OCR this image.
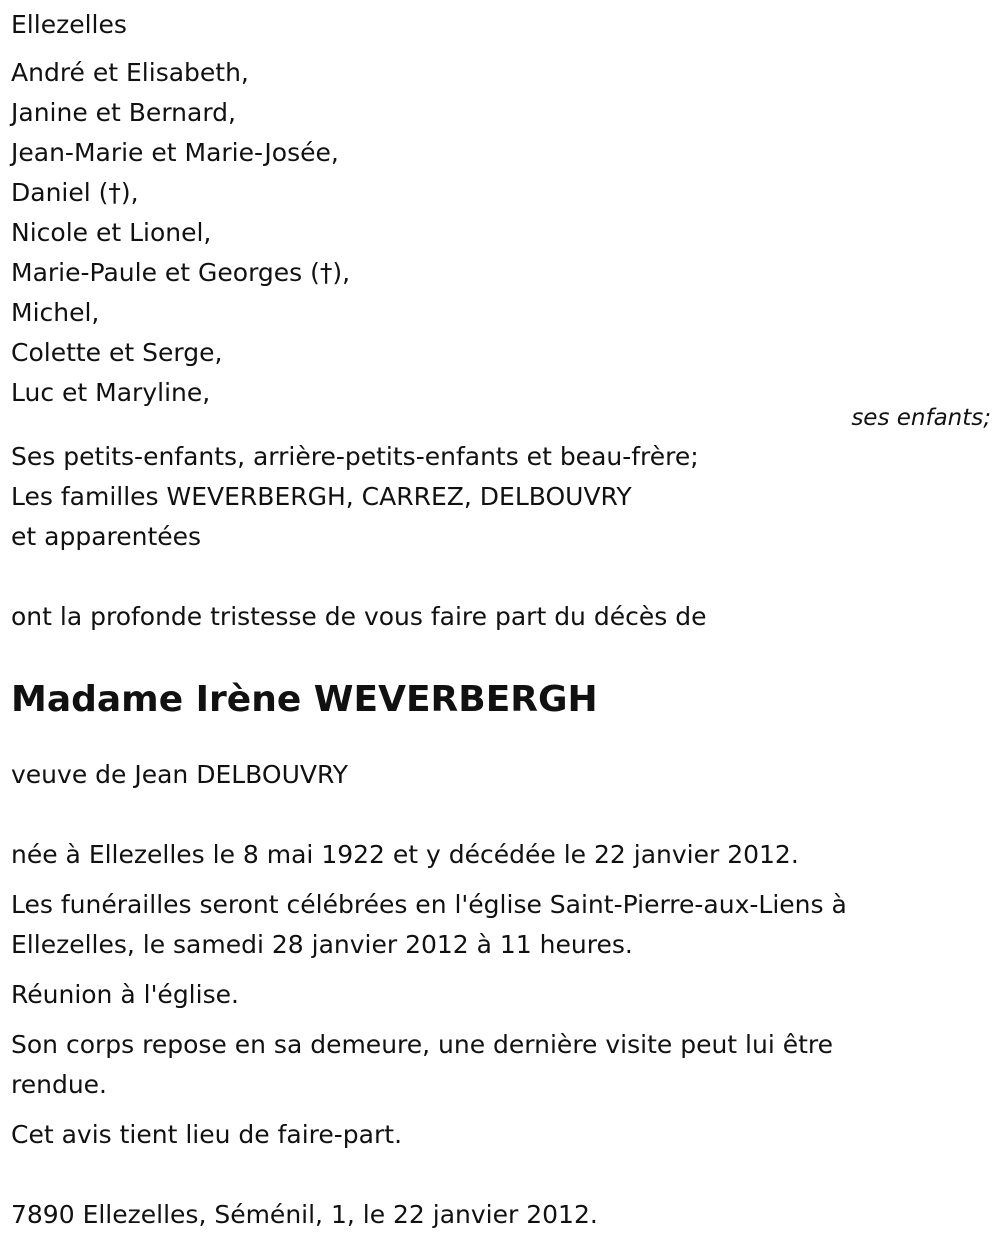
Ellezelles

André et Elisabeth,

Janine et Bernard,

Jean-Marie et Marie-Josée,

Daniel (†),

Nicole et Lionel,

Marie-Paule et Georges (†),

Michel,

Colette et Serge,

Luc et Maryline,

ses enfants;

Ses petits-enfants, arrière-petits-enfants et beau-frère;

Les familles WEVERBERGH, CARREZ, DELBOUVRY

et apparentées

ont la profonde tristesse de vous faire part du décès de

Madame Irène WEVERBERGH

veuve de Jean DELBOUVRY

née à Ellezelles le 8 mai 1922 et y décédée le 22 janvier 2012.

Les funérailles seront célébrées en l'église Saint-Pierre-aux-Liens à Ellezelles, le samedi 28 janvier 2012 à 11 heures.

Réunion à l'église.

Son corps repose en sa demeure, une dernière visite peut lui être rendue.

Cet avis tient lieu de faire-part.

7890 Ellezelles, Séménil, 1, le 22 janvier 2012.
